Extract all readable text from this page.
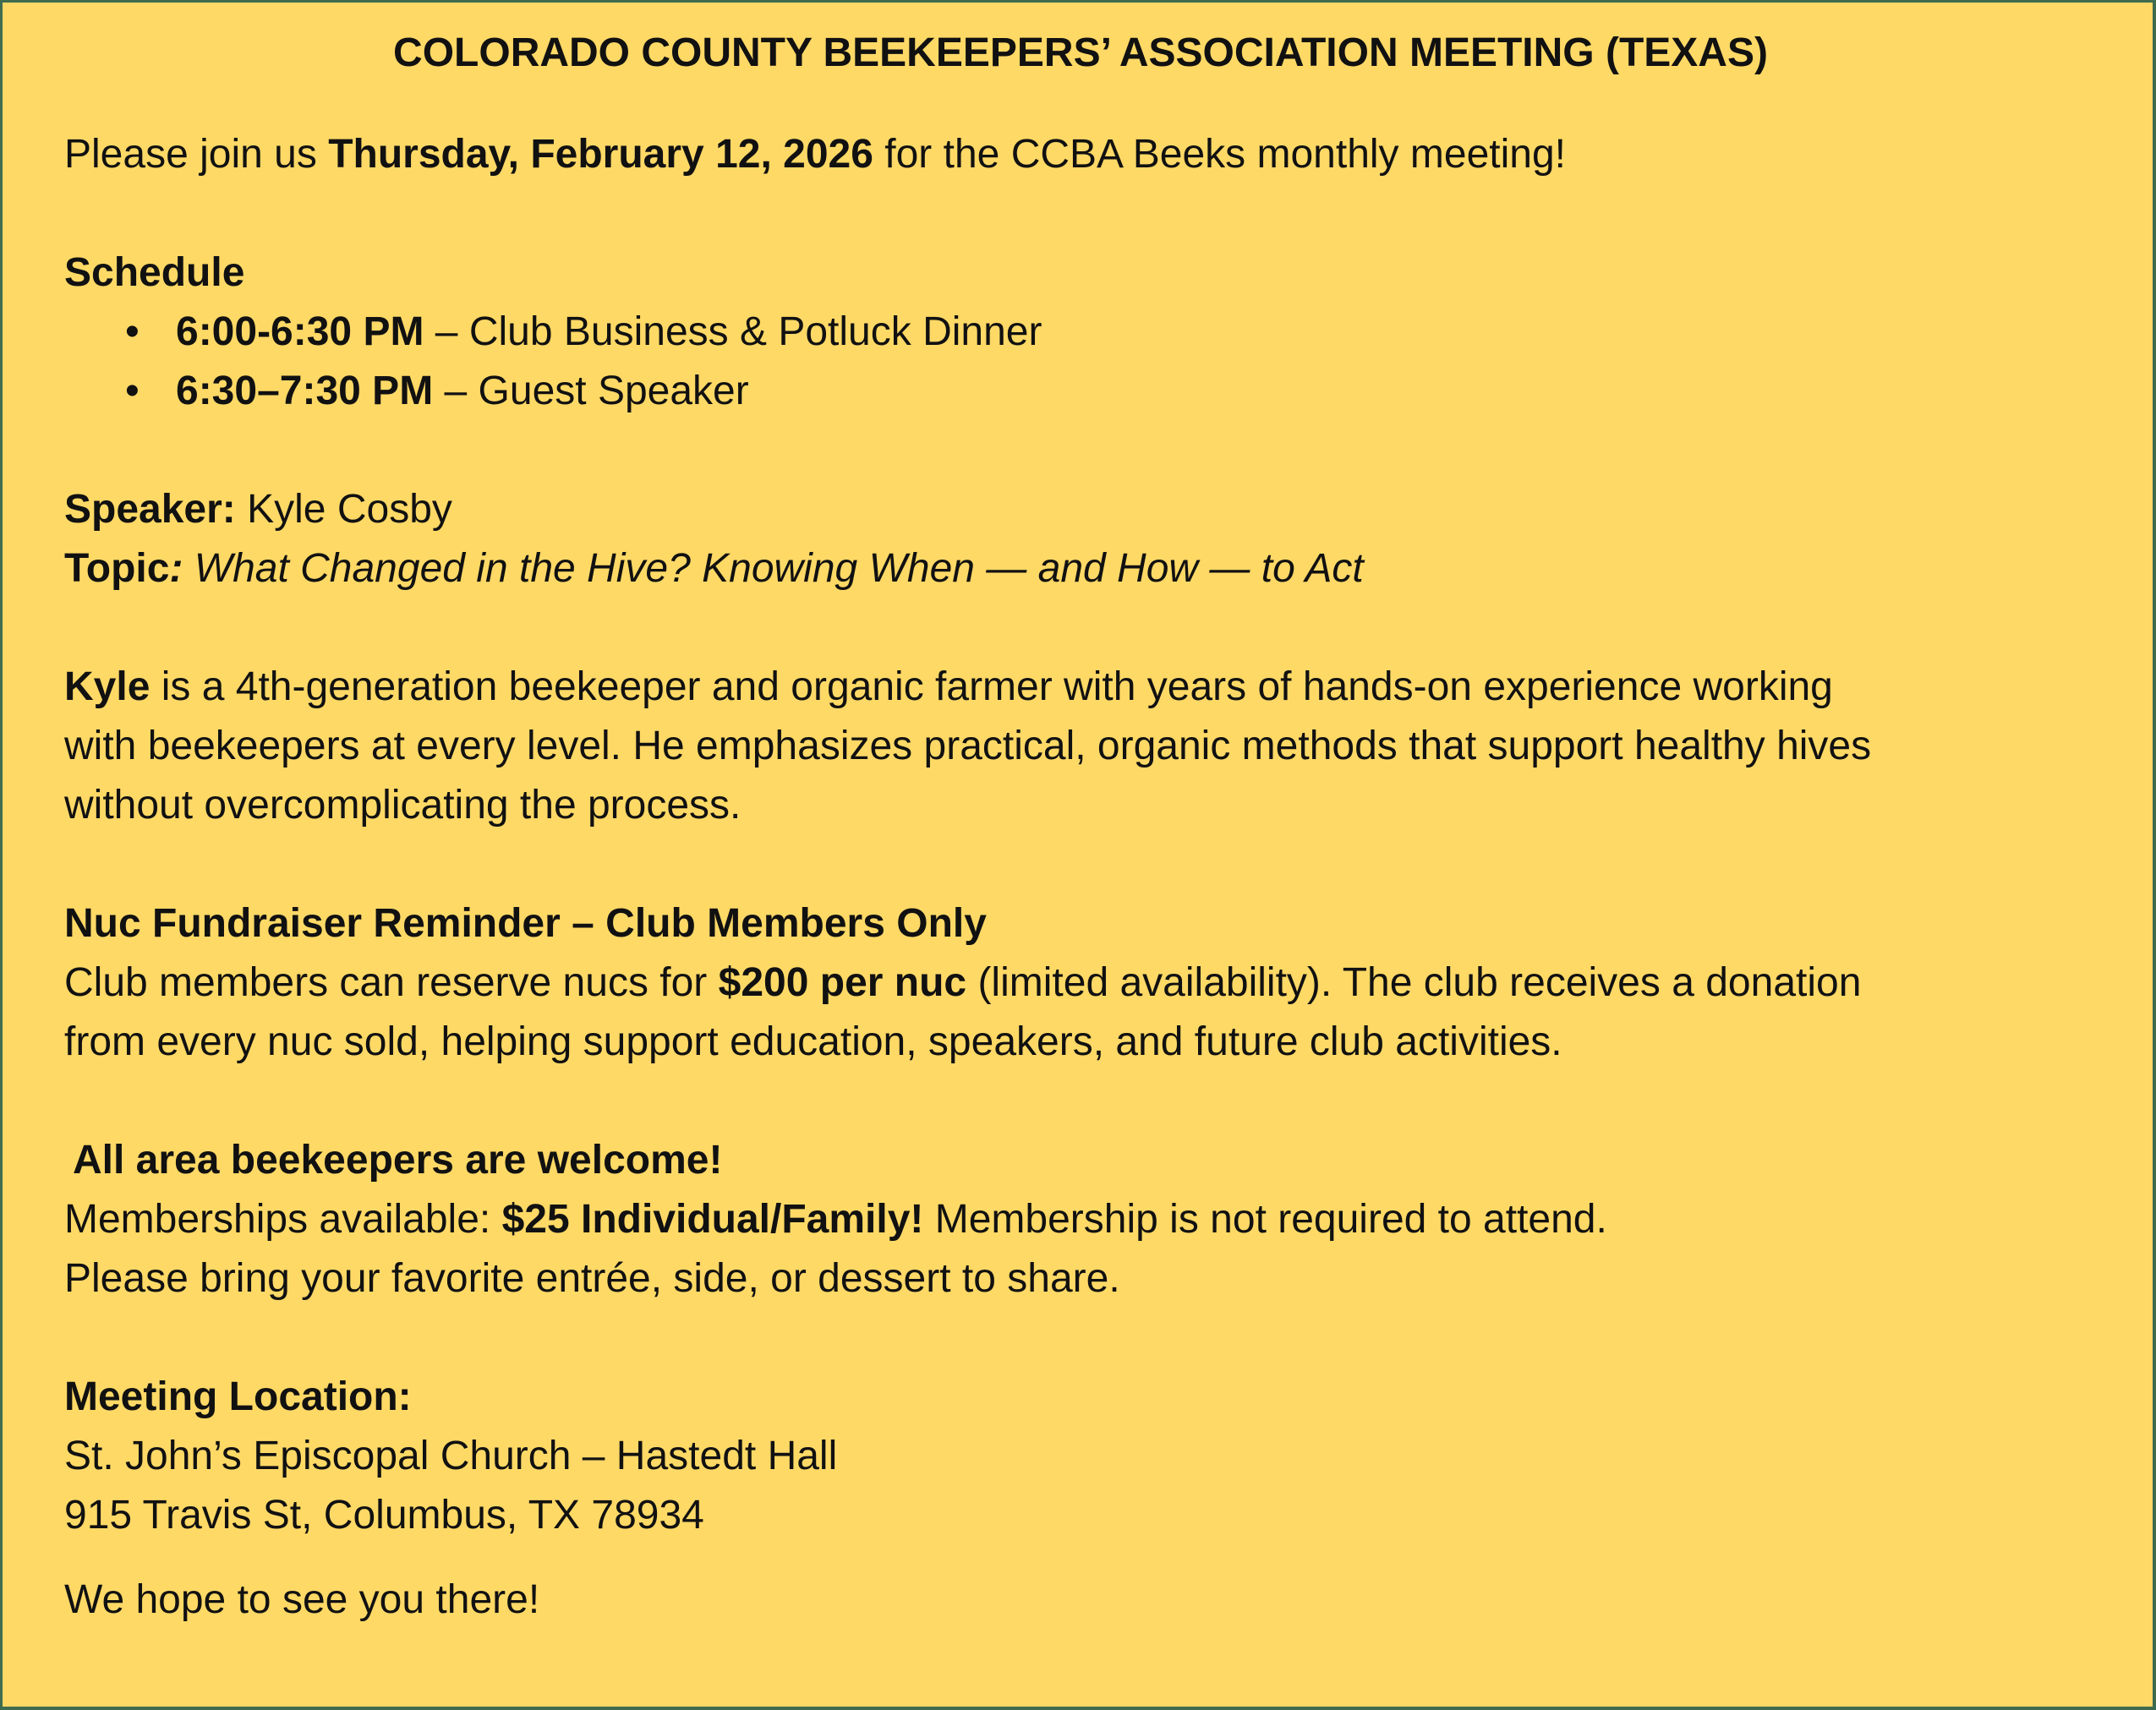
COLORADO COUNTY BEEKEEPERS’ ASSOCIATION MEETING (TEXAS)
Please join us Thursday, February 12, 2026 for the CCBA Beeks monthly meeting!
Schedule
• 6:00-6:30 PM – Club Business & Potluck Dinner
• 6:30–7:30 PM – Guest Speaker
Speaker: Kyle Cosby
Topic: What Changed in the Hive? Knowing When — and How — to Act
Kyle is a 4th-generation beekeeper and organic farmer with years of hands-on experience working
with beekeepers at every level. He emphasizes practical, organic methods that support healthy hives
without overcomplicating the process.
Nuc Fundraiser Reminder – Club Members Only
Club members can reserve nucs for $200 per nuc (limited availability). The club receives a donation
from every nuc sold, helping support education, speakers, and future club activities.
All area beekeepers are welcome!
Memberships available: $25 Individual/Family! Membership is not required to attend.
Please bring your favorite entrée, side, or dessert to share.
Meeting Location:
St. John’s Episcopal Church – Hastedt Hall
915 Travis St, Columbus, TX 78934
We hope to see you there!
